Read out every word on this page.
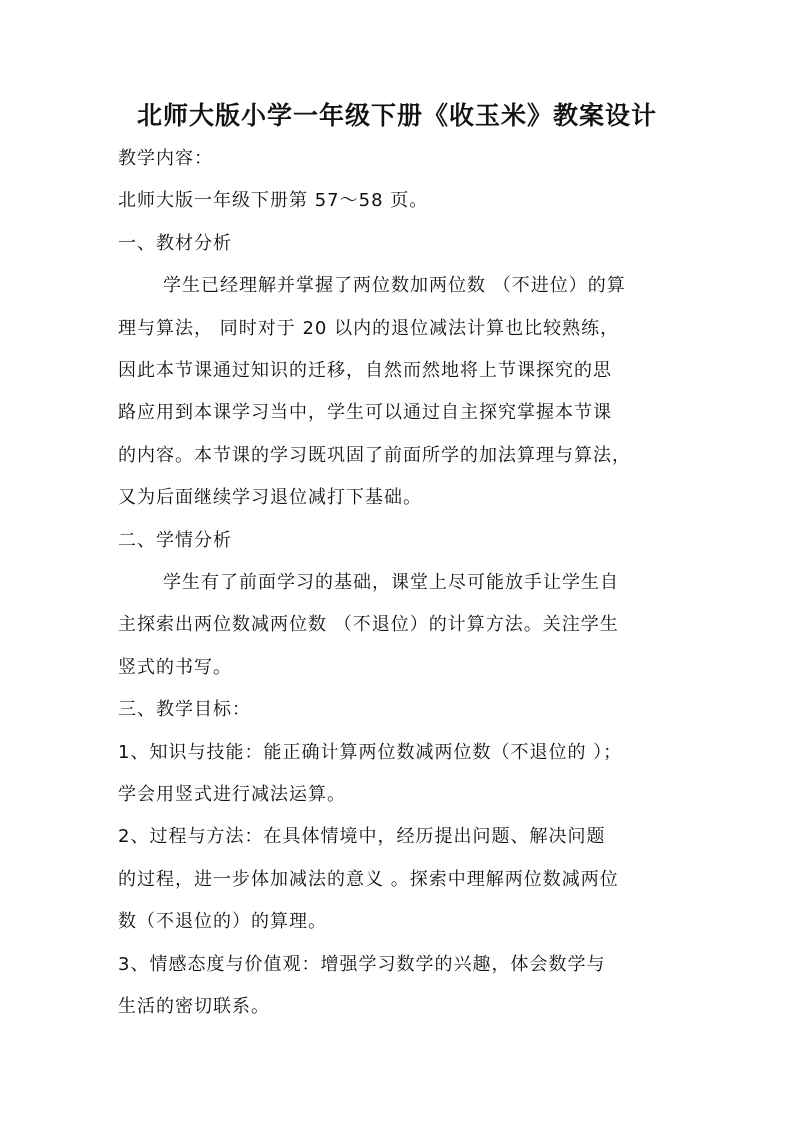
北师大版小学一年级下册《收玉米》教案设计
教学内容：
北师大版一年级下册第 57～58 页。
一、教材分析
学生已经理解并掌握了两位数加两位数 （不进位）的算
理与算法， 同时对于 20 以内的退位减法计算也比较熟练，
因此本节课通过知识的迁移，自然而然地将上节课探究的思
路应用到本课学习当中，学生可以通过自主探究掌握本节课
的内容。本节课的学习既巩固了前面所学的加法算理与算法，
又为后面继续学习退位减打下基础。
二、学情分析
学生有了前面学习的基础，课堂上尽可能放手让学生自
主探索出两位数减两位数 （不退位）的计算方法。关注学生
竖式的书写。
三、教学目标：
1、知识与技能：能正确计算两位数减两位数（不退位的 ）；
学会用竖式进行减法运算。
2、过程与方法：在具体情境中，经历提出问题、解决问题
的过程，进一步体加减法的意义 。探索中理解两位数减两位
数（不退位的）的算理。
3、情感态度与价值观：增强学习数学的兴趣，体会数学与
生活的密切联系。
